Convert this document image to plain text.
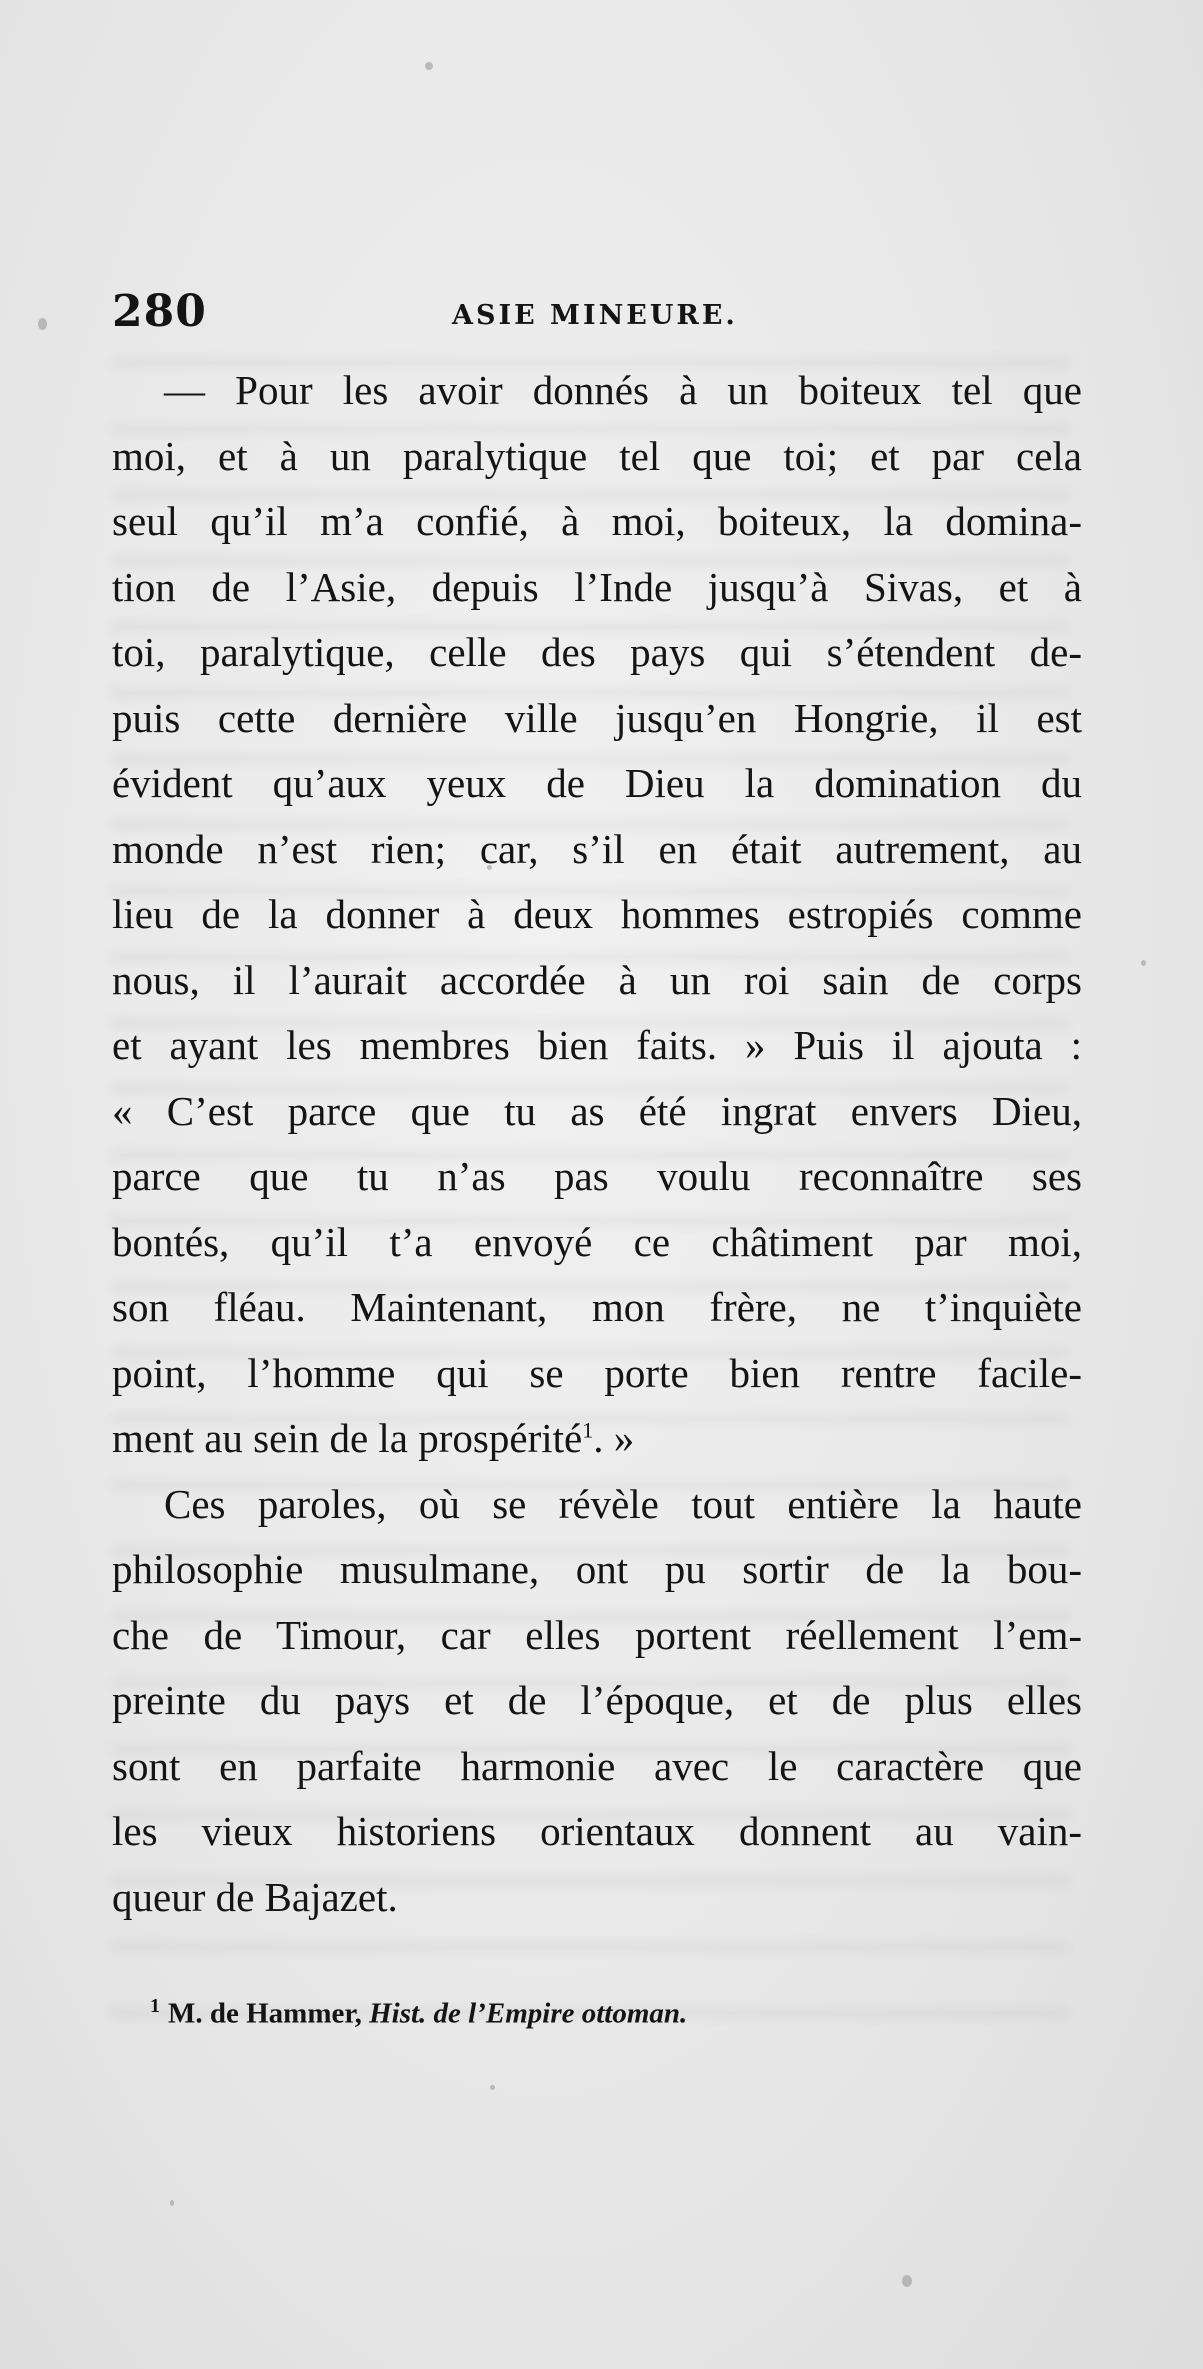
280	ASIE MINEURE.
— Pour les avoir donnés à un boiteux tel que
moi, et à un paralytique tel que toi; et par cela
seul qu’il m’a confié, à moi, boiteux, la domina-
tion de l’Asie, depuis l’Inde jusqu’à Sivas, et à
toi, paralytique, celle des pays qui s’étendent de-
puis cette dernière ville jusqu’en Hongrie, il est
évident qu’aux yeux de Dieu la domination du
monde n’est rien; car, s’il en était autrement, au
lieu de la donner à deux hommes estropiés comme
nous, il l’aurait accordée à un roi sain de corps
et ayant les membres bien faits. » Puis il ajouta :
« C’est parce que tu as été ingrat envers Dieu,
parce que tu n’as pas voulu reconnaître ses
bontés, qu’il t’a envoyé ce châtiment par moi,
son fléau. Maintenant, mon frère, ne t’inquiète
point, l’homme qui se porte bien rentre facile-
ment au sein de la prospérité$^1$. »
Ces paroles, où se révèle tout entière la haute
philosophie musulmane, ont pu sortir de la bou-
che de Timour, car elles portent réellement l’em-
preinte du pays et de l’époque, et de plus elles
sont en parfaite harmonie avec le caractère que
les vieux historiens orientaux donnent au vain-
queur de Bajazet.
$^1$ M. de Hammer, Hist. de l’Empire ottoman.
